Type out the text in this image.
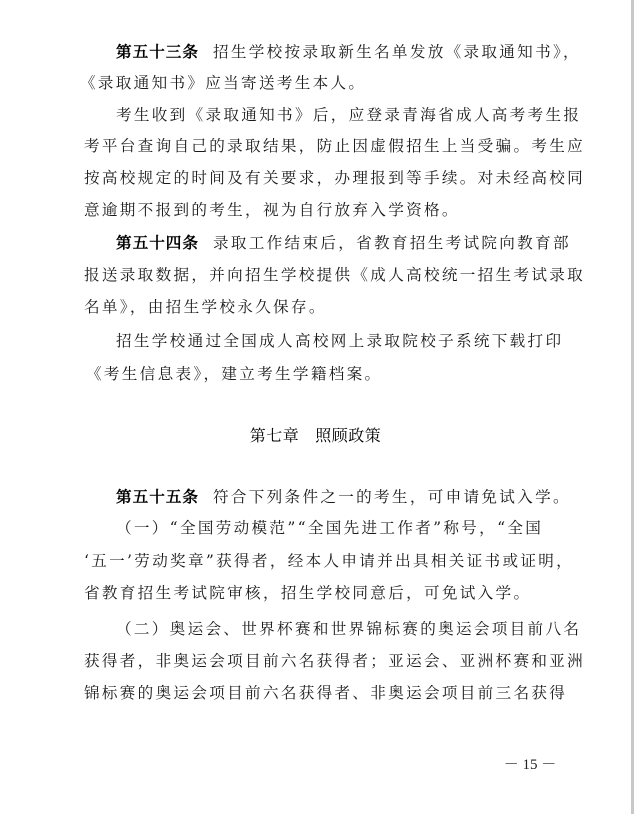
第五十三条 招生学校按录取新生名单发放《录取通知书》，
《录取通知书》应当寄送考生本人。
考生收到《录取通知书》后，应登录青海省成人高考考生报
考平台查询自己的录取结果，防止因虚假招生上当受骗。考生应
按高校规定的时间及有关要求，办理报到等手续。对未经高校同
意逾期不报到的考生，视为自行放弃入学资格。
第五十四条 录取工作结束后，省教育招生考试院向教育部
报送录取数据，并向招生学校提供《成人高校统一招生考试录取
名单》，由招生学校永久保存。
招生学校通过全国成人高校网上录取院校子系统下载打印
《考生信息表》，建立考生学籍档案。
第七章 照顾政策
第五十五条 符合下列条件之一的考生，可申请免试入学。
（一）“全国劳动模范”“全国先进工作者”称号，“全国
‘五一’劳动奖章”获得者，经本人申请并出具相关证书或证明，
省教育招生考试院审核，招生学校同意后，可免试入学。
（二）奥运会、世界杯赛和世界锦标赛的奥运会项目前八名
获得者，非奥运会项目前六名获得者；亚运会、亚洲杯赛和亚洲
锦标赛的奥运会项目前六名获得者、非奥运会项目前三名获得
－ 15 －
